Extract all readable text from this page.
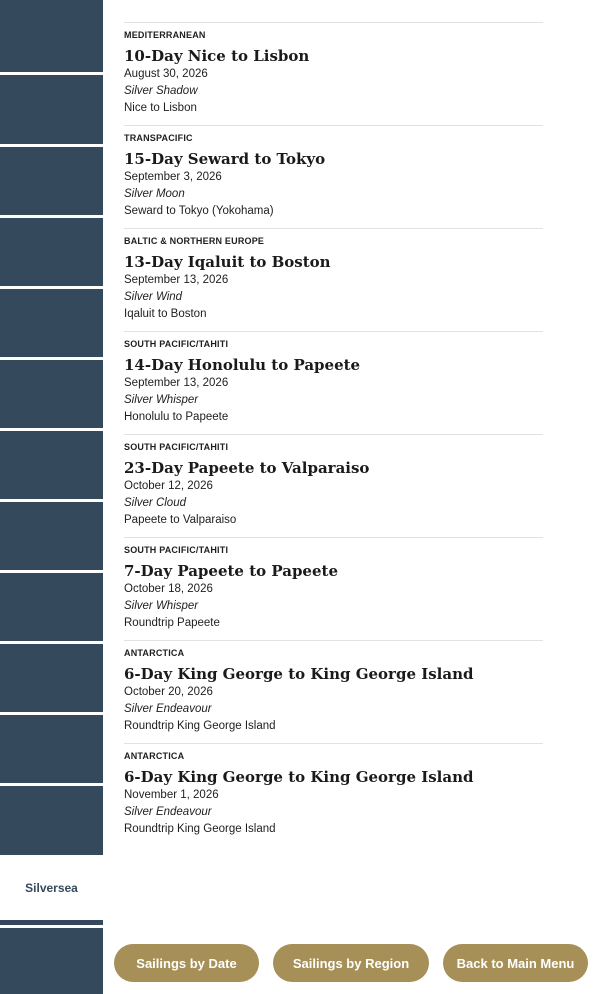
Silversea
MEDITERRANEAN
10-Day Nice to Lisbon
August 30, 2026
Silver Shadow
Nice to Lisbon
TRANSPACIFIC
15-Day Seward to Tokyo
September 3, 2026
Silver Moon
Seward to Tokyo (Yokohama)
BALTIC & NORTHERN EUROPE
13-Day Iqaluit to Boston
September 13, 2026
Silver Wind
Iqaluit to Boston
SOUTH PACIFIC/TAHITI
14-Day Honolulu to Papeete
September 13, 2026
Silver Whisper
Honolulu to Papeete
SOUTH PACIFIC/TAHITI
23-Day Papeete to Valparaiso
October 12, 2026
Silver Cloud
Papeete to Valparaiso
SOUTH PACIFIC/TAHITI
7-Day Papeete to Papeete
October 18, 2026
Silver Whisper
Roundtrip Papeete
ANTARCTICA
6-Day King George to King George Island
October 20, 2026
Silver Endeavour
Roundtrip King George Island
ANTARCTICA
6-Day King George to King George Island
November 1, 2026
Silver Endeavour
Roundtrip King George Island
Sailings by Date	Sailings by Region	Back to Main Menu
